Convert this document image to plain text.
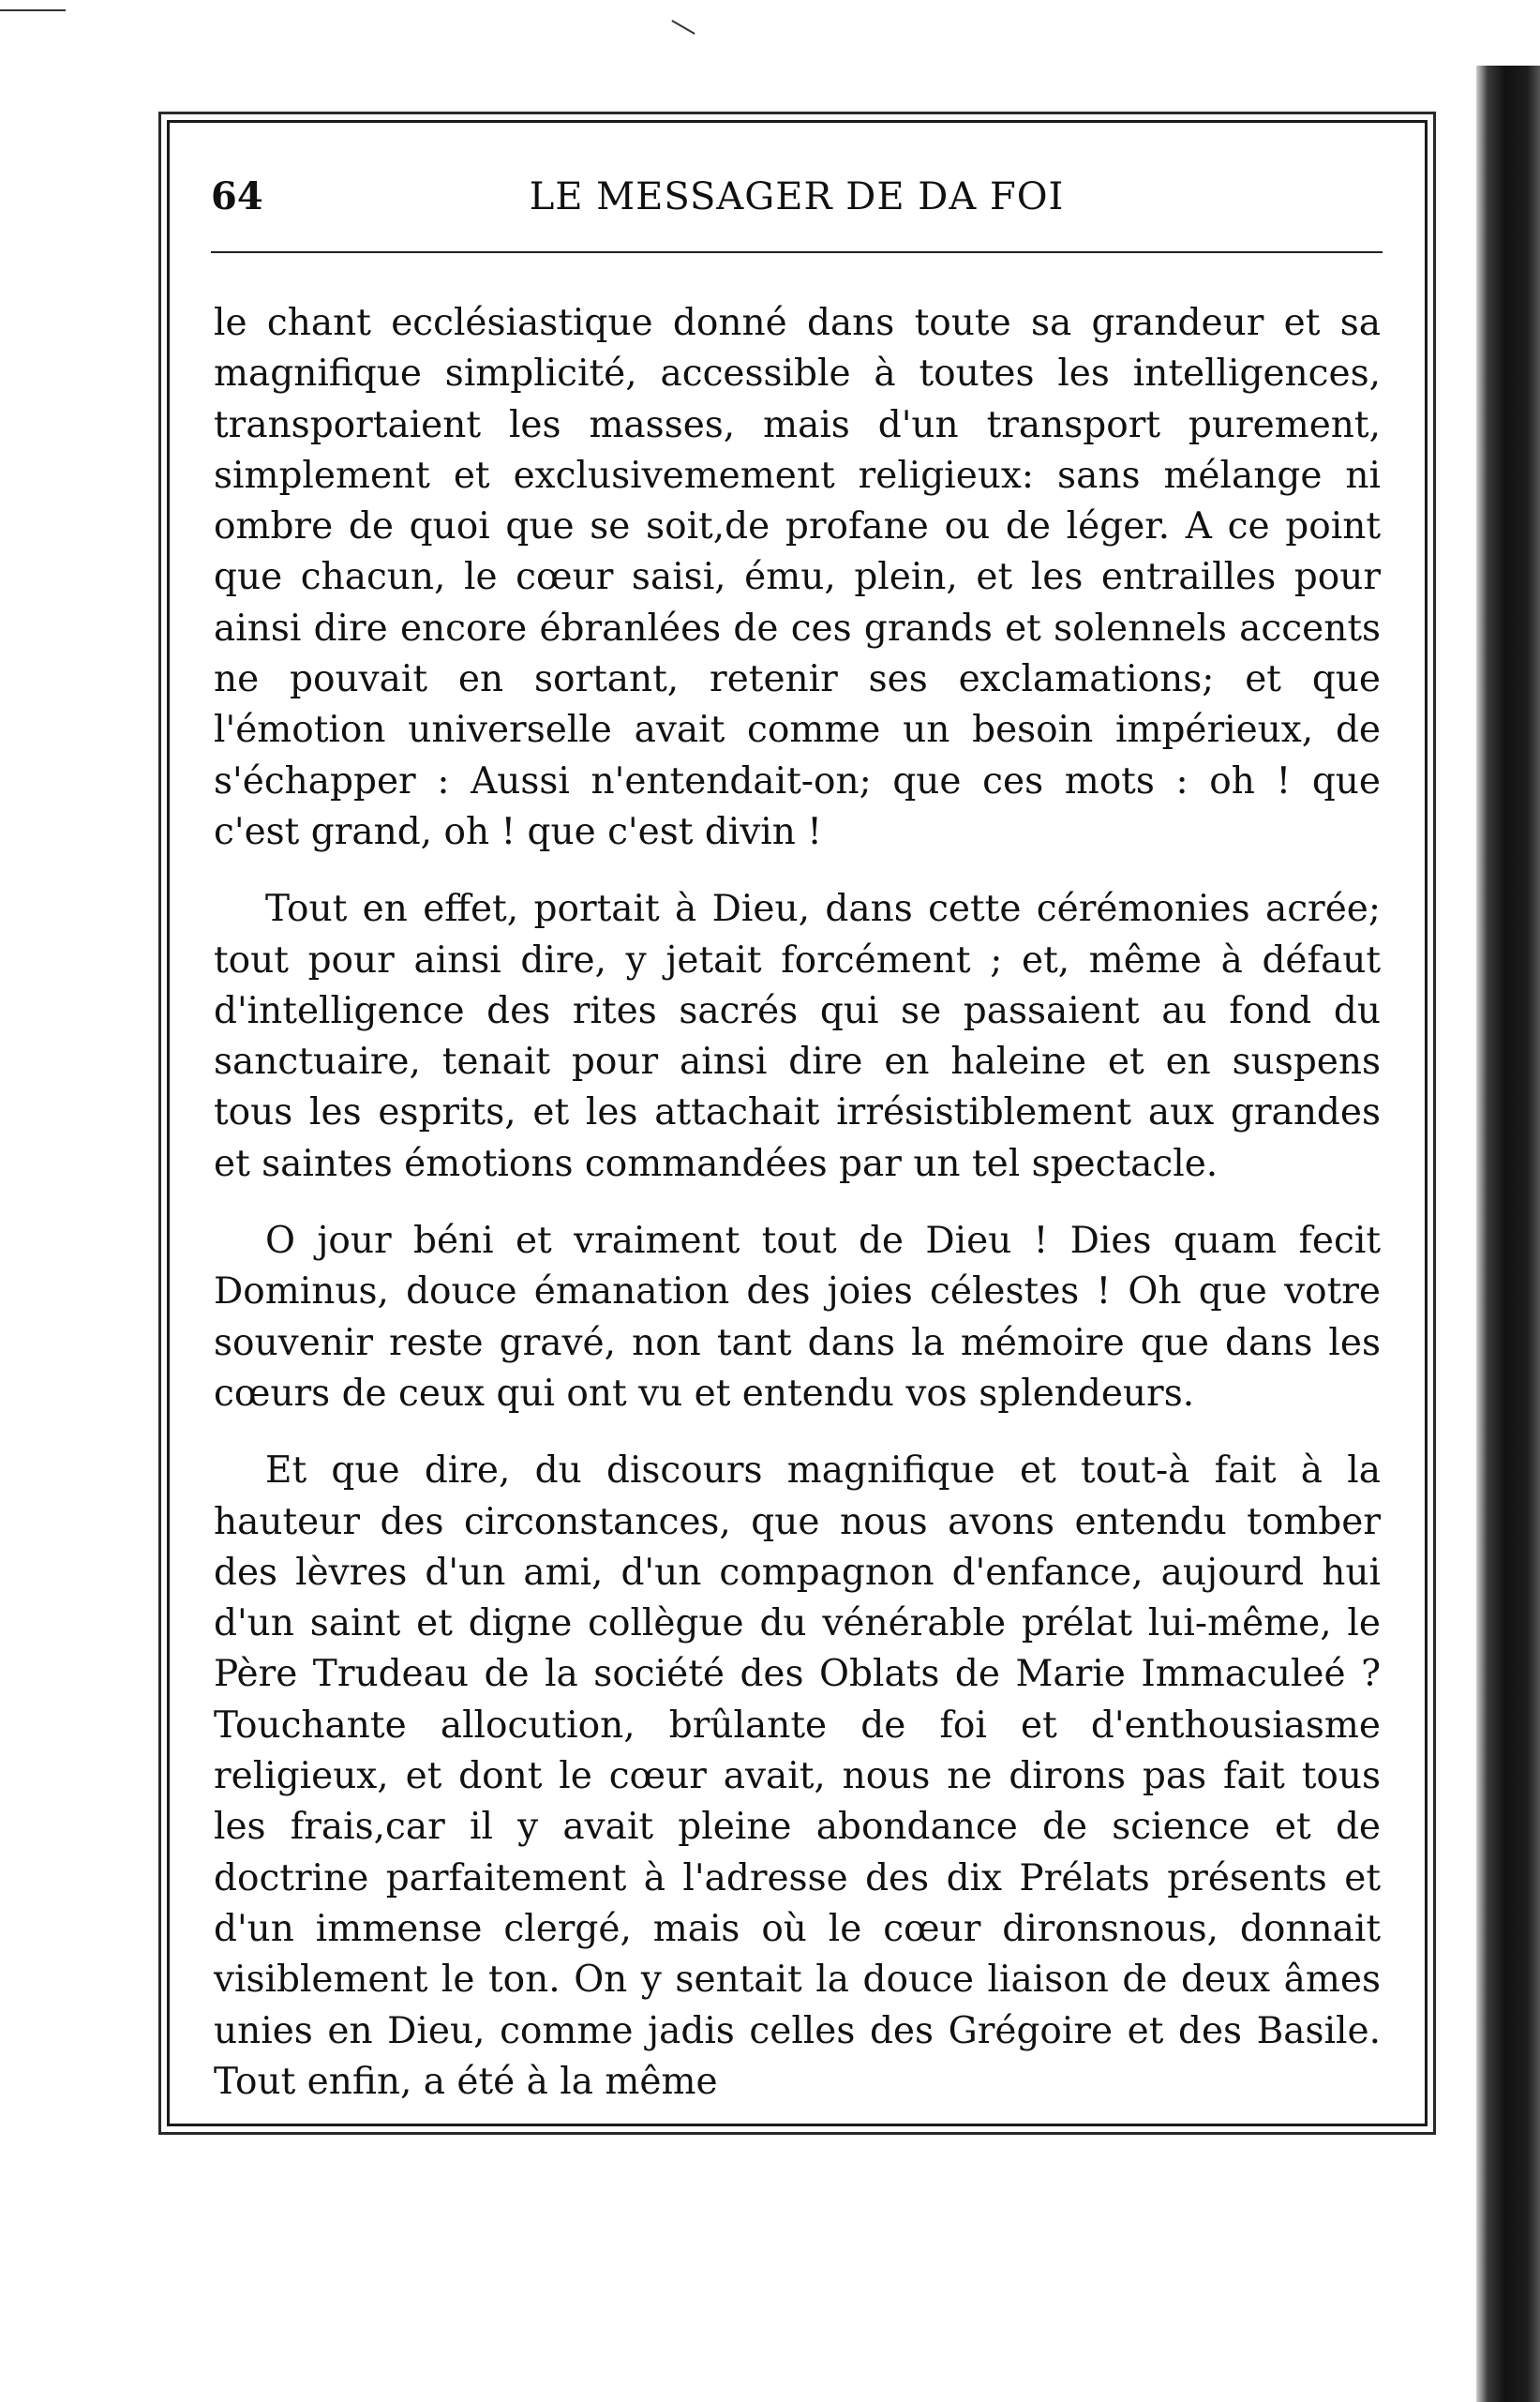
64	LE MESSAGER DE DA FOI

le chant ecclésiastique donné dans toute sa grandeur et sa magnifique simplicité, accessible à toutes les intelligences, transportaient les masses, mais d'un transport purement, simplement et exclusivemement religieux: sans mélange ni ombre de quoi que se soit,de profane ou de léger. A ce point que chacun, le cœur saisi, ému, plein, et les entrailles pour ainsi dire encore ébranlées de ces grands et solennels accents ne pouvait en sortant, retenir ses exclamations; et que l'émotion universelle avait comme un besoin impérieux, de s'échapper : Aussi n'entendait-on; que ces mots : oh ! que c'est grand, oh ! que c'est divin !

Tout en effet, portait à Dieu, dans cette cérémonies acrée; tout pour ainsi dire, y jetait forcément ; et, même à défaut d'intelligence des rites sacrés qui se passaient au fond du sanctuaire, tenait pour ainsi dire en haleine et en suspens tous les esprits, et les attachait irrésistiblement aux grandes et saintes émotions commandées par un tel spectacle.

O jour béni et vraiment tout de Dieu ! Dies quam fecit Dominus, douce émanation des joies célestes ! Oh que votre souvenir reste gravé, non tant dans la mémoire que dans les cœurs de ceux qui ont vu et entendu vos splendeurs.

Et que dire, du discours magnifique et tout-à fait à la hauteur des circonstances, que nous avons entendu tomber des lèvres d'un ami, d'un compagnon d'enfance, aujourd hui d'un saint et digne collègue du vénérable prélat lui-même, le Père Trudeau de la société des Oblats de Marie Immaculeé ? Touchante allocution, brûlante de foi et d'enthousiasme religieux, et dont le cœur avait, nous ne dirons pas fait tous les frais,car il y avait pleine abondance de science et de doctrine parfaitement à l'adresse des dix Prélats présents et d'un immense clergé, mais où le cœur dironsnous, donnait visiblement le ton. On y sentait la douce liaison de deux âmes unies en Dieu, comme jadis celles des Grégoire et des Basile. Tout enfin, a été à la même
